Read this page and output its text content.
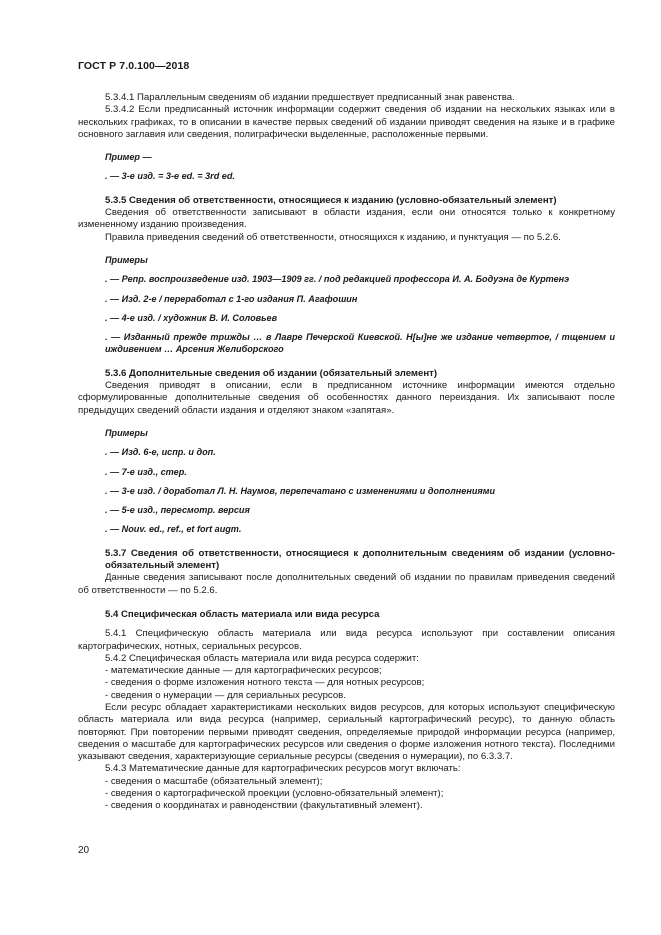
ГОСТ Р 7.0.100—2018

5.3.4.1 Параллельным сведениям об издании предшествует предписанный знак равенства.

5.3.4.2 Если предписанный источник информации содержит сведения об издании на нескольких языках или в нескольких графиках, то в описании в качестве первых сведений об издании приводят сведения на языке и в графике основного заглавия или сведения, полиграфически выделенные, расположенные первыми.

Пример —

. — 3-е изд. = 3-e ed. = 3rd ed.

5.3.5 Сведения об ответственности, относящиеся к изданию (условно-обязательный элемент)

Сведения об ответственности записывают в области издания, если они относятся только к конкретному измененному изданию произведения.

Правила приведения сведений об ответственности, относящихся к изданию, и пунктуация — по 5.2.6.

Примеры

. — Репр. воспроизведение изд. 1903—1909 гг. / под редакцией профессора И. А. Бодуэна де Куртенэ

. — Изд. 2-е / переработал с 1-го издания П. Агафошин

. — 4-е изд. / художник В. И. Соловьев

. — Изданный прежде трижды … в Лавре Печерской Киевской. Н[ы]не же издание четвертое, / тщением и иждивением … Арсения Желиборского

5.3.6 Дополнительные сведения об издании (обязательный элемент)

Сведения приводят в описании, если в предписанном источнике информации имеются отдельно сформулированные дополнительные сведения об особенностях данного переиздания. Их записывают после предыдущих сведений области издания и отделяют знаком «запятая».

Примеры

. — Изд. 6-е, испр. и доп.

. — 7-е изд., стер.

. — 3-е изд. / доработал Л. Н. Наумов, перепечатано с изменениями и дополнениями

. — 5-е изд., пересмотр. версия

. — Nouv. ed., ref., et fort augm.

5.3.7 Сведения об ответственности, относящиеся к дополнительным сведениям об издании (условно-обязательный элемент)

Данные сведения записывают после дополнительных сведений об издании по правилам приведения сведений об ответственности — по 5.2.6.

5.4 Специфическая область материала или вида ресурса

5.4.1 Специфическую область материала или вида ресурса используют при составлении описания картографических, нотных, сериальных ресурсов.

5.4.2 Специфическая область материала или вида ресурса содержит:

- математические данные — для картографических ресурсов;

- сведения о форме изложения нотного текста — для нотных ресурсов;

- сведения о нумерации — для сериальных ресурсов.

Если ресурс обладает характеристиками нескольких видов ресурсов, для которых используют специфическую область материала или вида ресурса (например, сериальный картографический ресурс), то данную область повторяют. При повторении первыми приводят сведения, определяемые природой информации ресурса (например, сведения о масштабе для картографических ресурсов или сведения о форме изложения нотного текста). Последними указывают сведения, характеризующие сериальные ресурсы (сведения о нумерации), по 6.3.3.7.

5.4.3 Математические данные для картографических ресурсов могут включать:

- сведения о масштабе (обязательный элемент);

- сведения о картографической проекции (условно-обязательный элемент);

- сведения о координатах и равноденствии (факультативный элемент).

20
